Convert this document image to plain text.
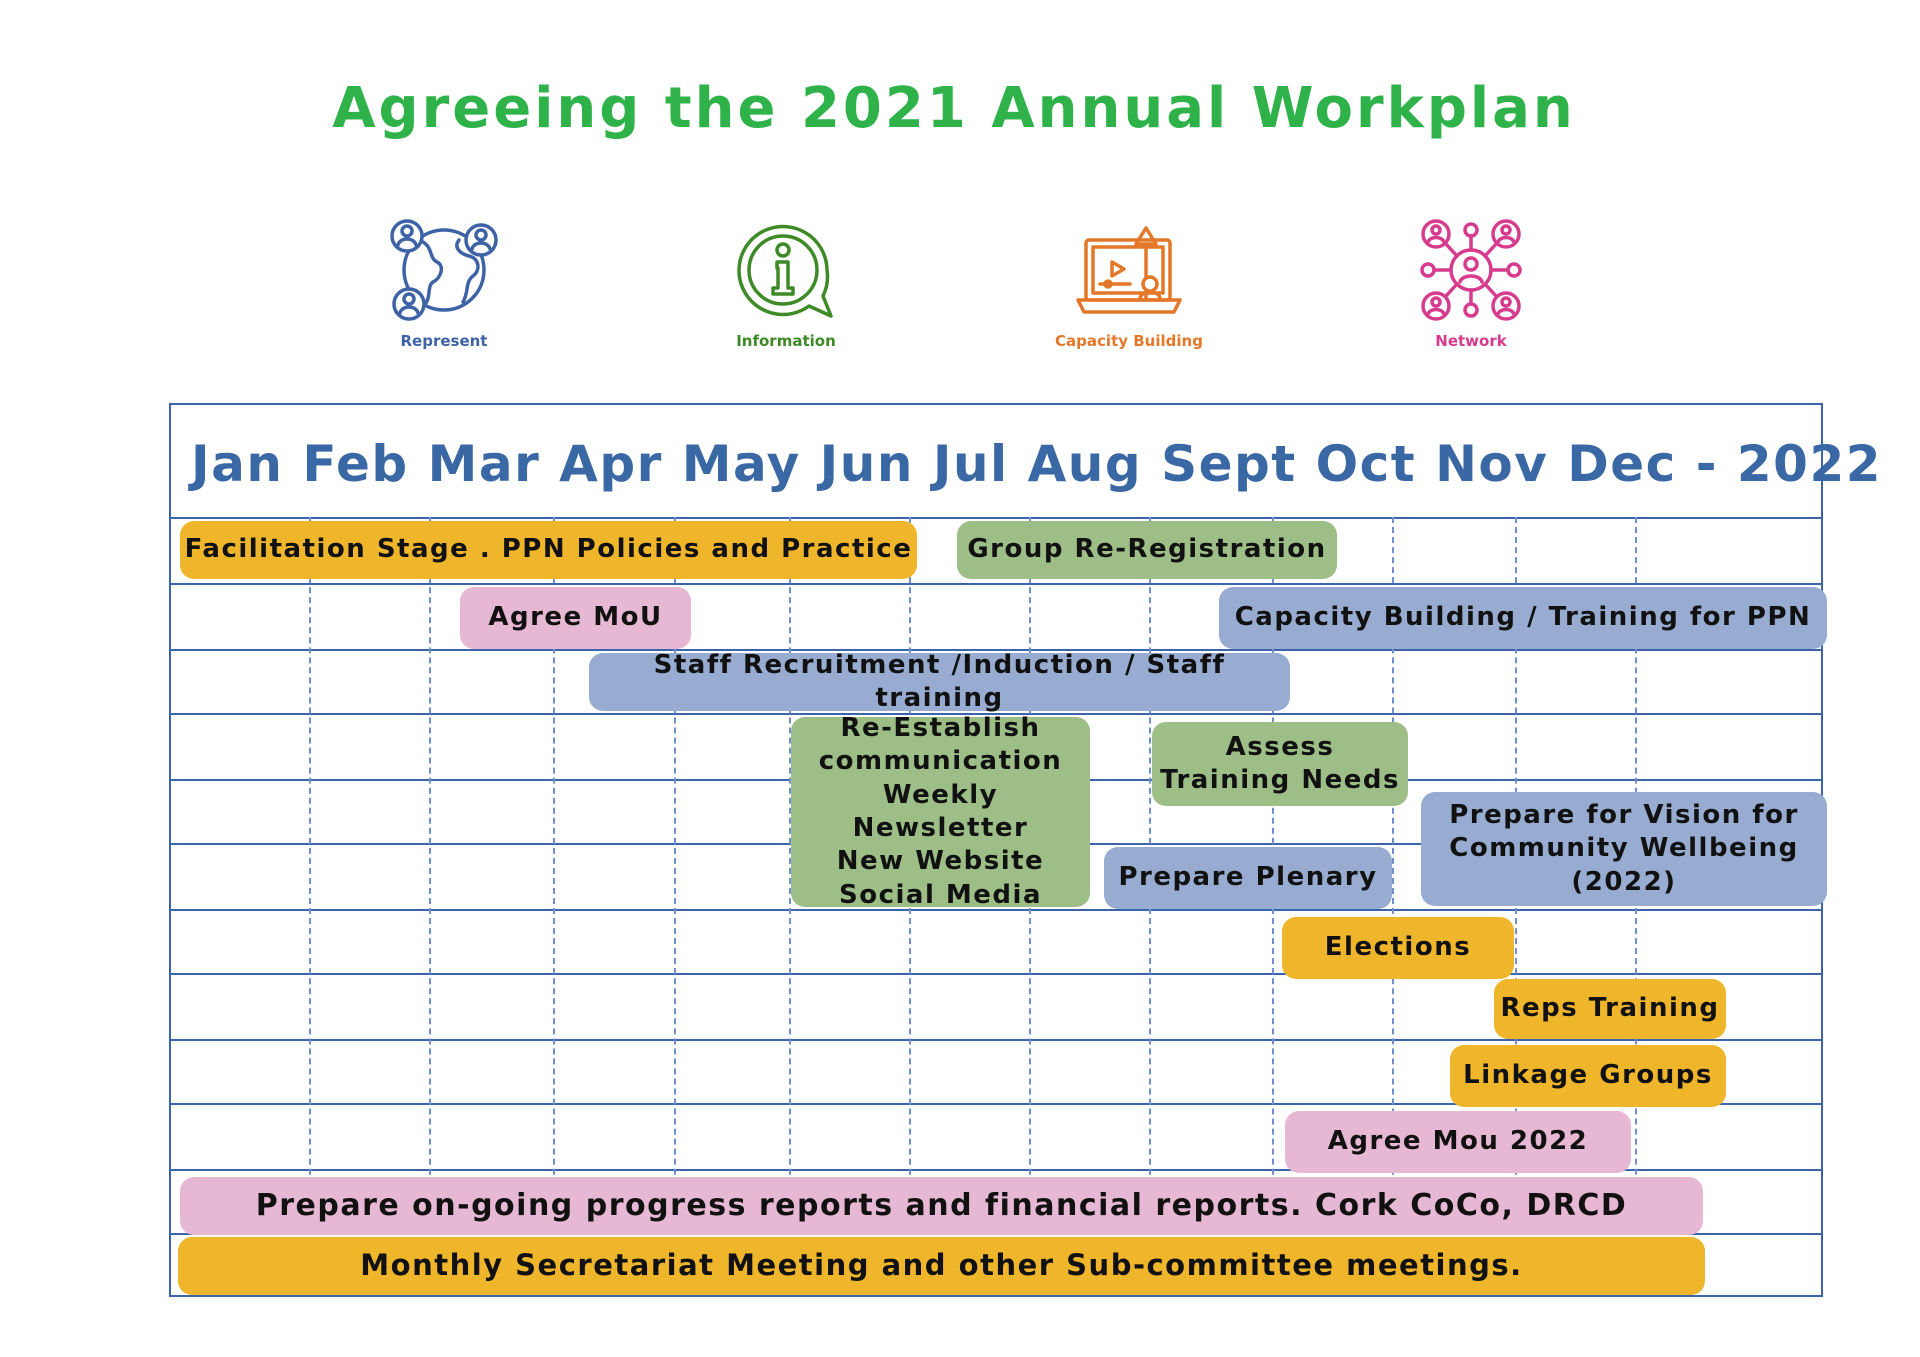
Agreeing the 2021 Annual Workplan
Represent	Information	Capacity Building	Network
Jan Feb Mar Apr May Jun Jul Aug Sept Oct Nov Dec - 2022
Facilitation Stage . PPN Policies and Practice	Group Re-Registration
Agree MoU	Capacity Building / Training for PPN
Staff Recruitment /Induction / Staff training
Re-Establish
communication
Weekly Newsletter
New Website
Social Media
Assess
Training Needs
Prepare for Vision for
Community Wellbeing
(2022)
Prepare Plenary
Elections
Reps Training
Linkage Groups
Agree Mou 2022
Prepare on-going progress reports and financial reports. Cork CoCo, DRCD
Monthly Secretariat Meeting and other Sub-committee meetings.
